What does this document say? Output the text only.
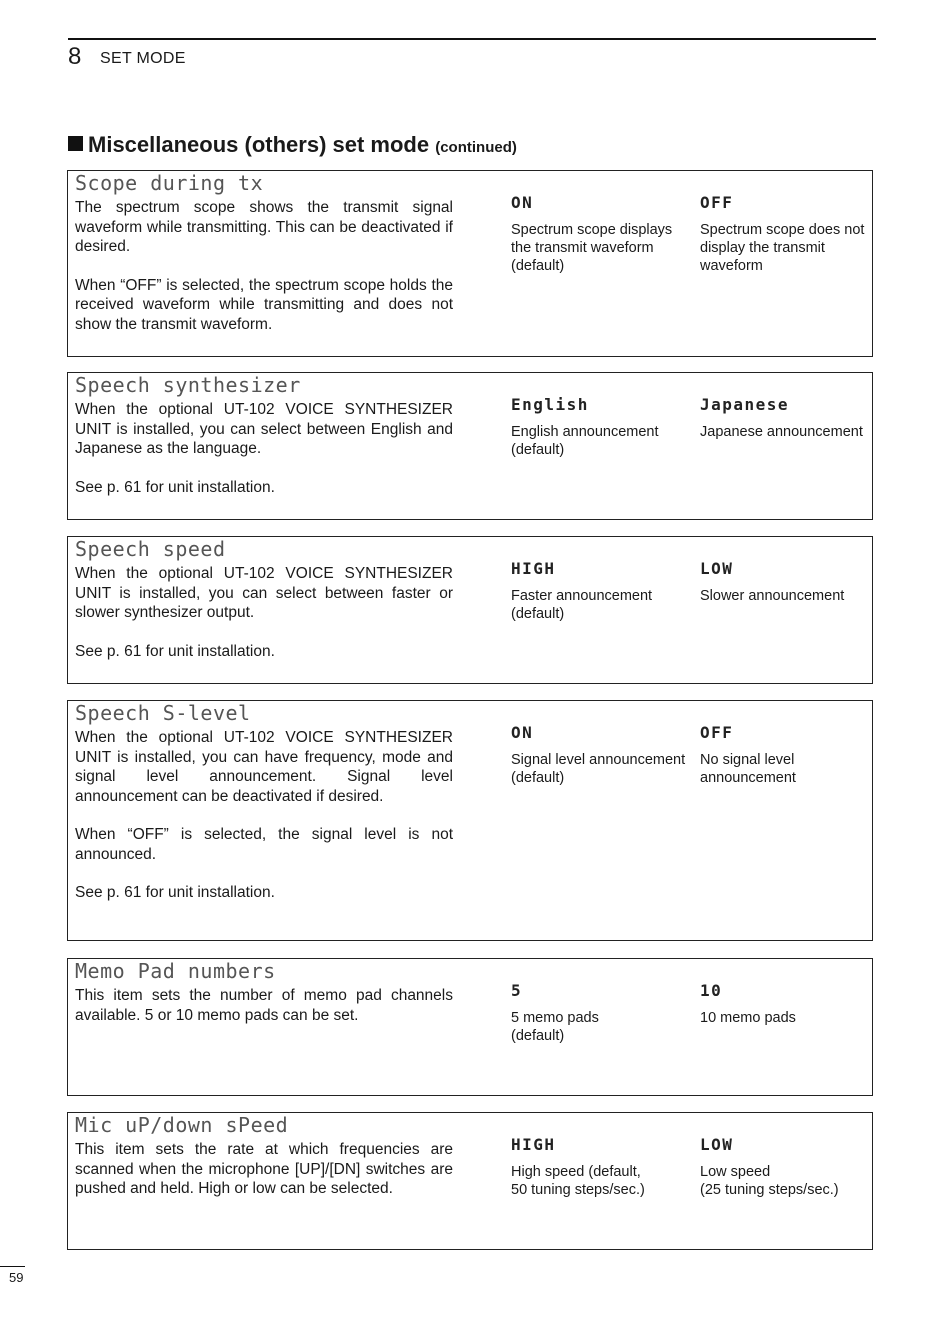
8 SET MODE
Miscellaneous (others) set mode (continued)
Scope during tx

The spectrum scope shows the transmit signal waveform while transmitting. This can be deactivated if desired.

When “OFF” is selected, the spectrum scope holds the received waveform while transmitting and does not show the transmit waveform.

ON
Spectrum scope displays the transmit waveform
(default)
OFF
Spectrum scope does not display the transmit waveform
Speech synthesizer

When the optional UT-102 VOICE SYNTHESIZER UNIT is installed, you can select between English and Japanese as the language.

See p. 61 for unit installation.

English
English announcement
(default)
Japanese
Japanese announcement
Speech speed

When the optional UT-102 VOICE SYNTHESIZER UNIT is installed, you can select between faster or slower synthesizer output.

See p. 61 for unit installation.

HIGH
Faster announcement
(default)
LOW
Slower announcement
Speech S-level

When the optional UT-102 VOICE SYNTHESIZER UNIT is installed, you can have frequency, mode and signal level announcement. Signal level announcement can be deactivated if desired.

When “OFF” is selected, the signal level is not announced.

See p. 61 for unit installation.

ON
Signal level announcement
(default)
OFF
No signal level announcement
Memo Pad numbers

This item sets the number of memo pad channels available. 5 or 10 memo pads can be set.

5
5 memo pads
(default)
10
10 memo pads
Mic uP/down sPeed

This item sets the rate at which frequencies are scanned when the microphone [UP]/[DN] switches are pushed and held. High or low can be selected.

HIGH
High speed (default,
50 tuning steps/sec.)
LOW
Low speed
(25 tuning steps/sec.)
59
